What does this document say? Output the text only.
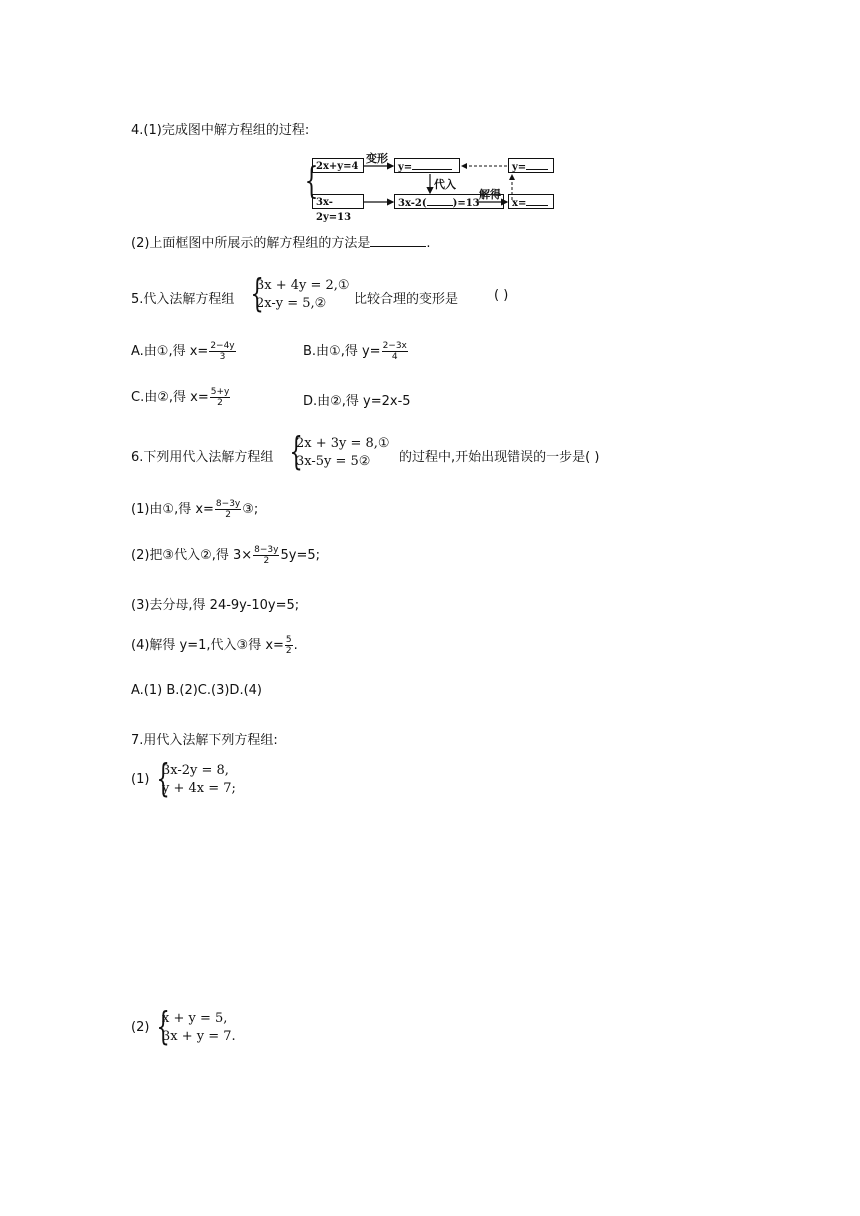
4.(1)完成图中解方程组的过程:
{
2x+y=4
3x-2y=13
变形
y=
3x-2(	)=13
代入
解得
y=
x=
(2)上面框图中所展示的解方程组的方法是	.
5.代入法解方程组 {
3x + 4y = 2,①
2x-y = 5,②	比较合理的变形是	( )
A.由①,得 $x= \frac{2-4y}{3}$	B.由①,得 $y= \frac{2-3x}{4}$
C.由②,得 $x= \frac{5+y}{2}$	D.由②,得 y=2x-5
6.下列用代入法解方程组 {
2x + 3y = 8,①
3x-5y = 5②	的过程中,开始出现错误的一步是( )
(1)由①,得 $x= \frac{8-3y}{2}$ ③;
(2)把③代入②,得 $3\times \frac{8-3y}{2} 5y=5$;
(3)去分母,得 24-9y-10y=5;
(4)解得 y=1,代入③得 $x= \frac{5}{2}$ .
A.(1) B.(2)C.(3)D.(4)
7.用代入法解下列方程组:
(1) {
3x-2y = 8,
y + 4x = 7;
(2) {
x + y = 5,
3x + y = 7.
